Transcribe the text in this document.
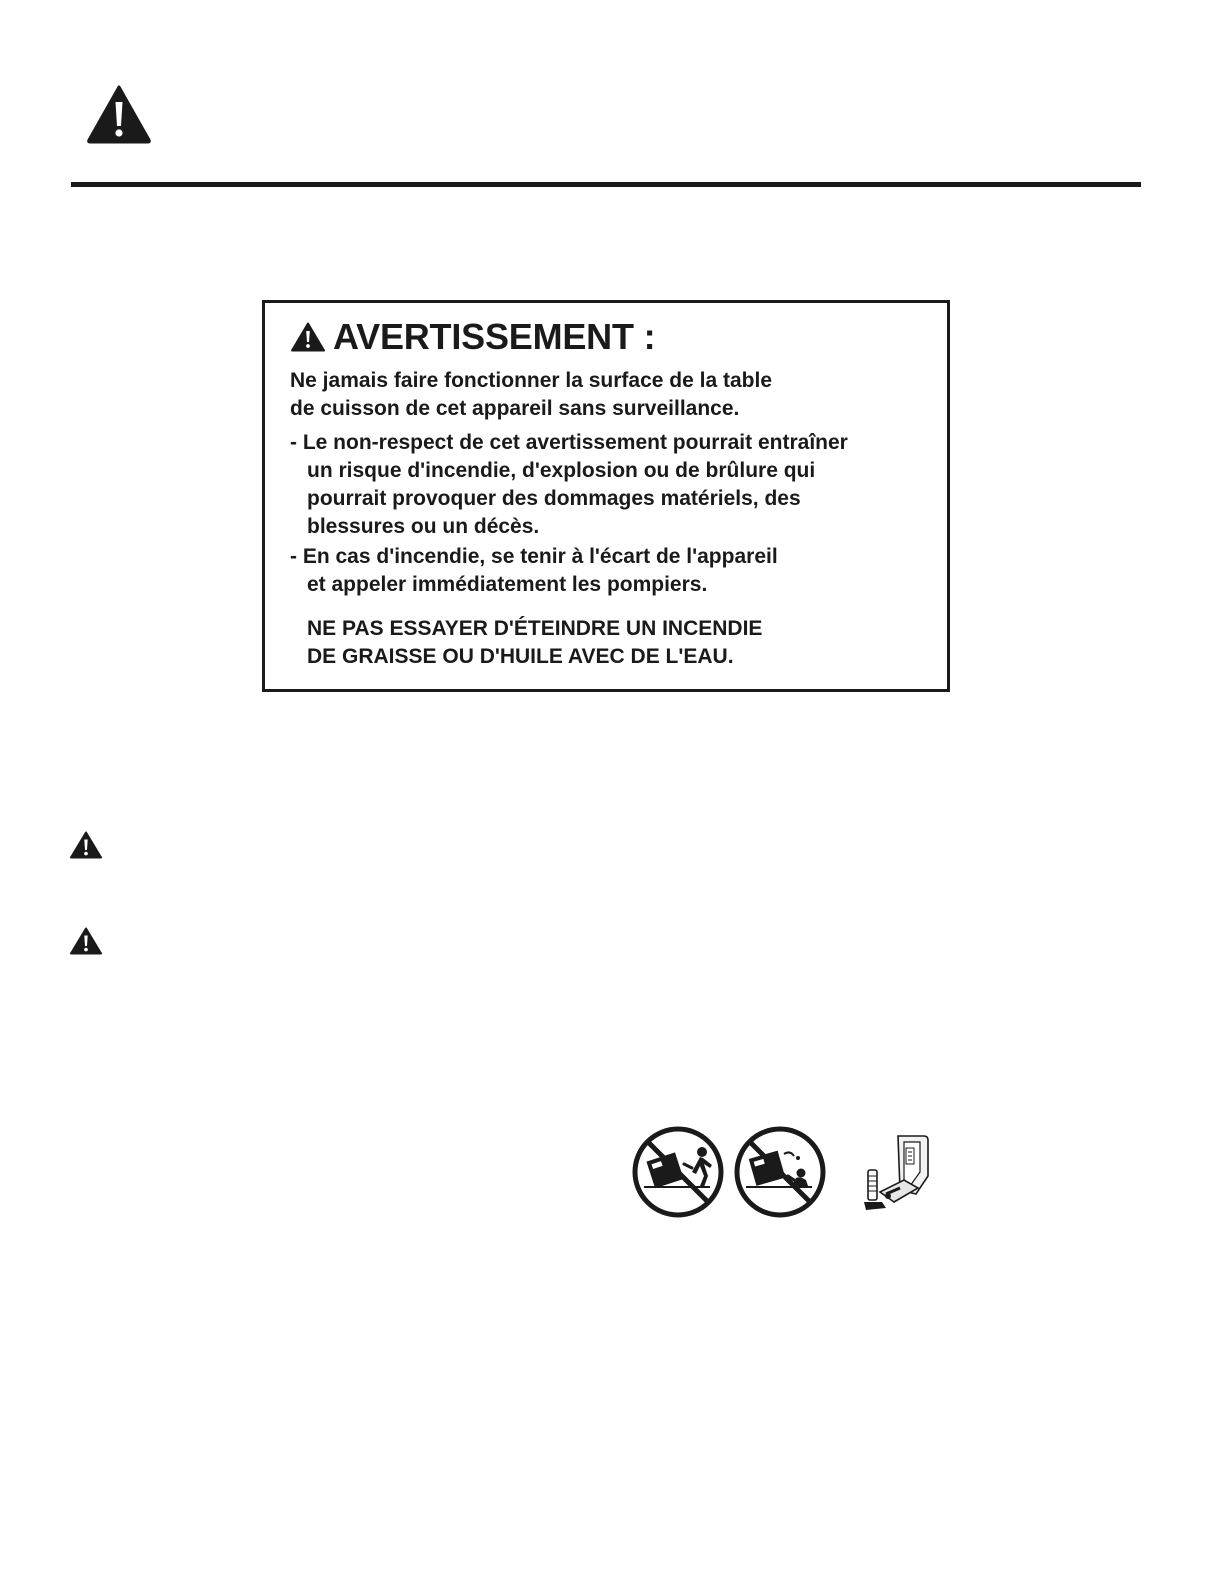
AVERTISSEMENT :
Ne jamais faire fonctionner la surface de la table
de cuisson de cet appareil sans surveillance.
- Le non-respect de cet avertissement pourrait entraîner
un risque d'incendie, d'explosion ou de brûlure qui
pourrait provoquer des dommages matériels, des
blessures ou un décès.
- En cas d'incendie, se tenir à l'écart de l'appareil
et appeler immédiatement les pompiers.
NE PAS ESSAYER D'ÉTEINDRE UN INCENDIE
DE GRAISSE OU D'HUILE AVEC DE L'EAU.
